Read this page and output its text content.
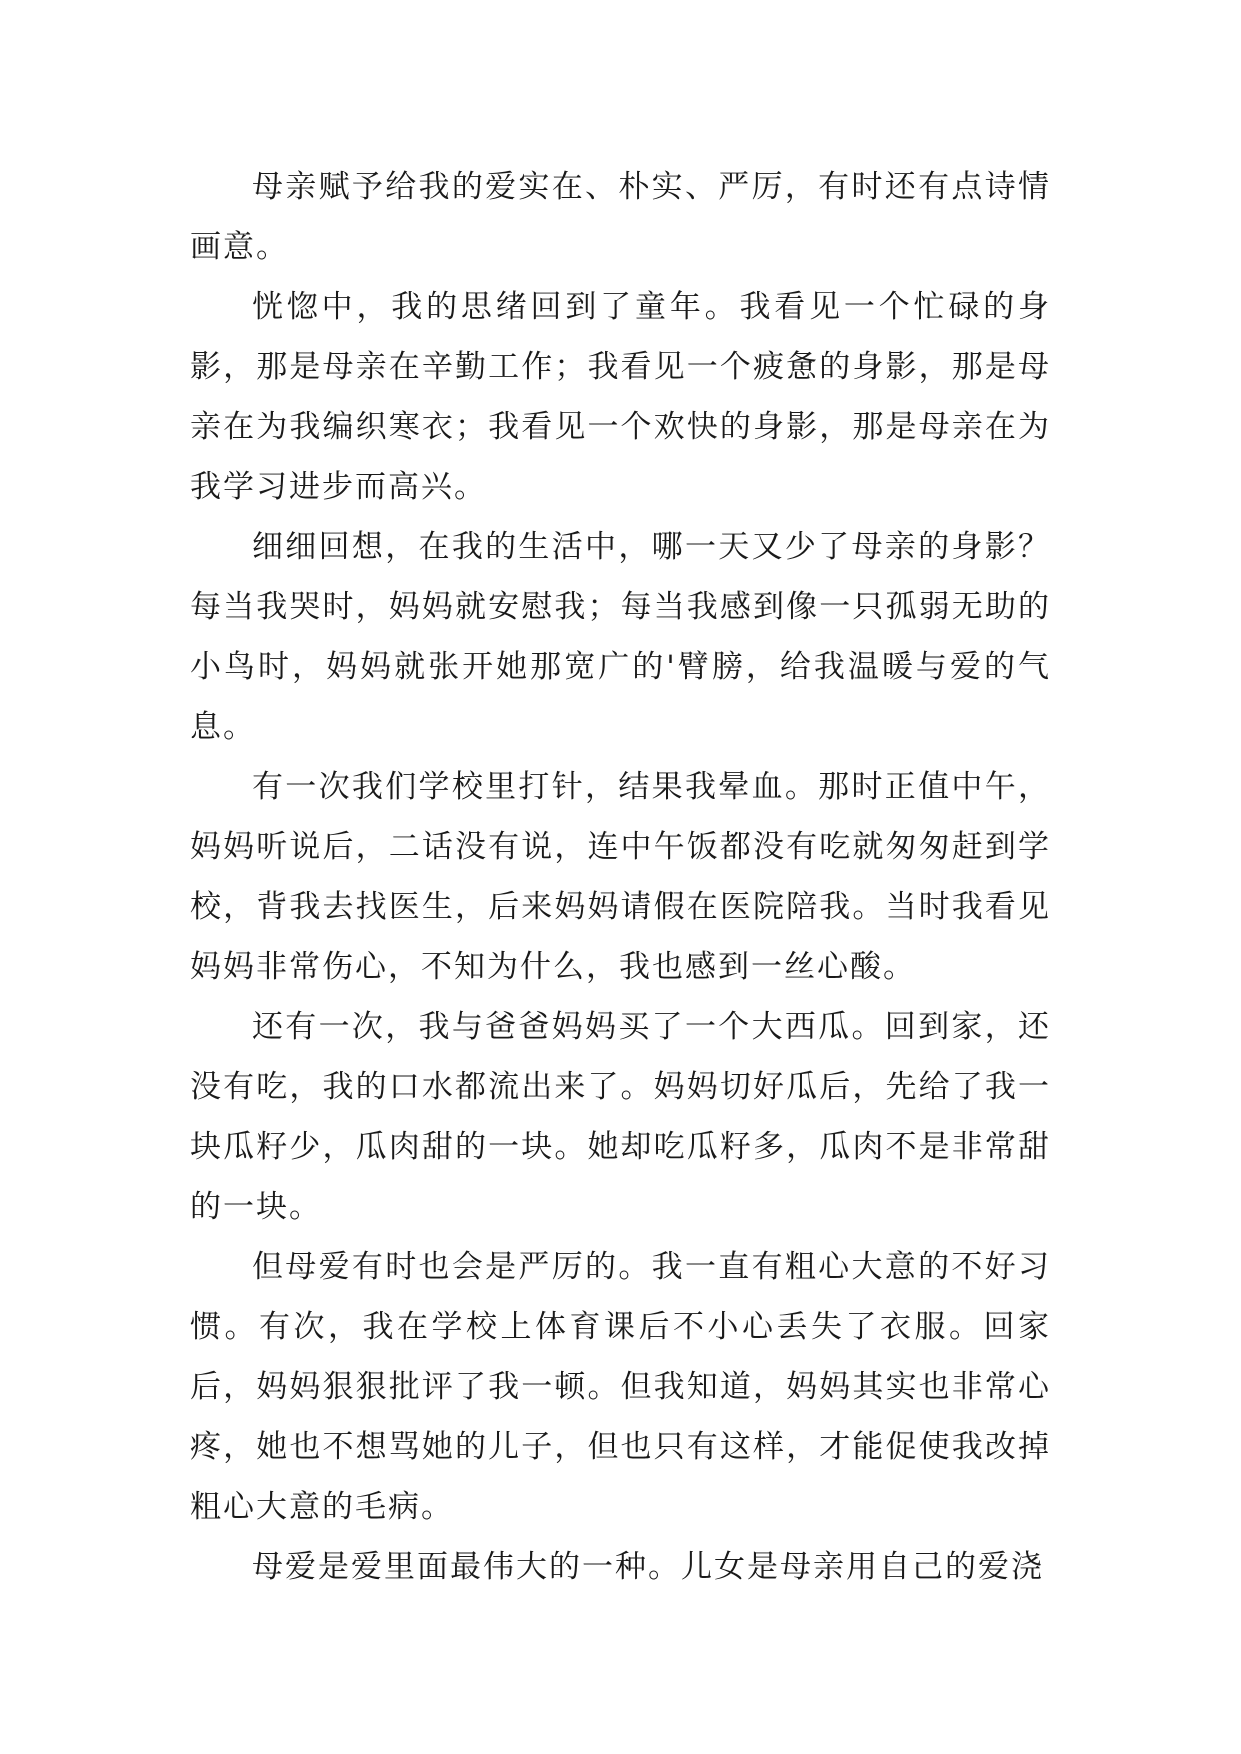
母亲赋予给我的爱实在、朴实、严厉，有时还有点诗情画意。

恍惚中，我的思绪回到了童年。我看见一个忙碌的身影，那是母亲在辛勤工作；我看见一个疲惫的身影，那是母亲在为我编织寒衣；我看见一个欢快的身影，那是母亲在为我学习进步而高兴。

细细回想，在我的生活中，哪一天又少了母亲的身影？每当我哭时，妈妈就安慰我；每当我感到像一只孤弱无助的小鸟时，妈妈就张开她那宽广的'臂膀，给我温暖与爱的气息。

有一次我们学校里打针，结果我晕血。那时正值中午，妈妈听说后，二话没有说，连中午饭都没有吃就匆匆赶到学校，背我去找医生，后来妈妈请假在医院陪我。当时我看见妈妈非常伤心，不知为什么，我也感到一丝心酸。

还有一次，我与爸爸妈妈买了一个大西瓜。回到家，还没有吃，我的口水都流出来了。妈妈切好瓜后，先给了我一块瓜籽少，瓜肉甜的一块。她却吃瓜籽多，瓜肉不是非常甜的一块。

但母爱有时也会是严厉的。我一直有粗心大意的不好习惯。有次，我在学校上体育课后不小心丢失了衣服。回家后，妈妈狠狠批评了我一顿。但我知道，妈妈其实也非常心疼，她也不想骂她的儿子，但也只有这样，才能促使我改掉粗心大意的毛病。

母爱是爱里面最伟大的一种。儿女是母亲用自己的爱浇
